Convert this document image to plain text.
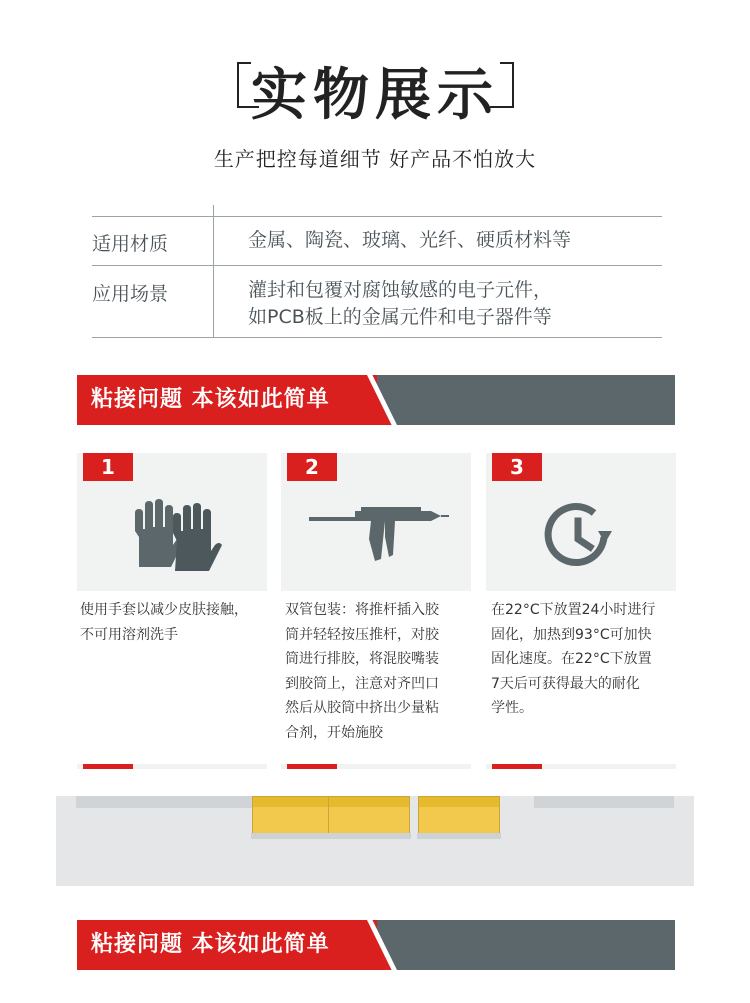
实物展示
生产把控每道细节 好产品不怕放大
适用材质	金属、陶瓷、玻璃、光纤、硬质材料等
应用场景	灌封和包覆对腐蚀敏感的电子元件，
如PCB板上的金属元件和电子器件等
粘接问题 本该如此简单
1
使用手套以减少皮肤接触，
不可用溶剂洗手
2
双管包装：将推杆插入胶
筒并轻轻按压推杆，对胶
筒进行排胶，将混胶嘴装
到胶筒上，注意对齐凹口
然后从胶筒中挤出少量粘
合剂，开始施胶
3
在22°C下放置24小时进行
固化，加热到93°C可加快
固化速度。在22°C下放置
7天后可获得最大的耐化
学性。
粘接问题 本该如此简单
